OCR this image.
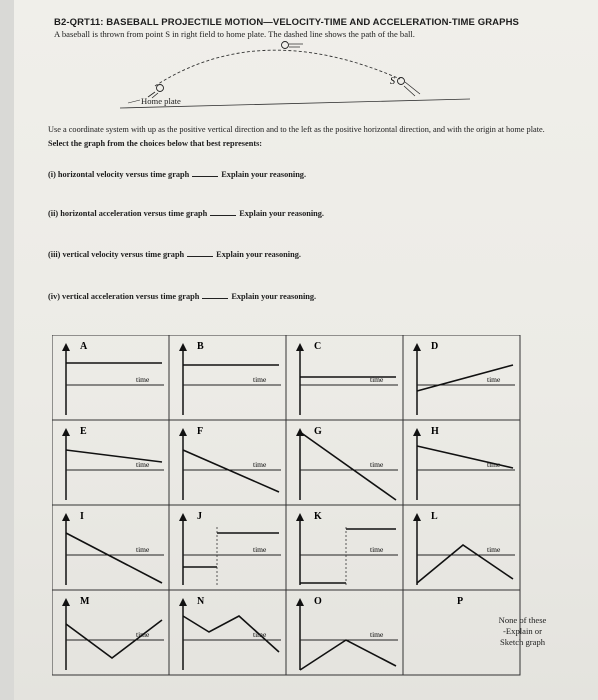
B2-QRT11: BASEBALL PROJECTILE MOTION—VELOCITY-TIME AND ACCELERATION-TIME GRAPHS
A baseball is thrown from point S in right field to home plate. The dashed line shows the path of the ball.
S
Home plate
Use a coordinate system with up as the positive vertical direction and to the left as the positive horizontal direction, and with the origin at home plate.
Select the graph from the choices below that best represents:
(i) horizontal velocity versus time graph	Explain your reasoning.
(ii) horizontal acceleration versus time graph	Explain your reasoning.
(iii) vertical velocity versus time graph	Explain your reasoning.
(iv) vertical acceleration versus time graph	Explain your reasoning.
A
time
B
time
C
time
D
time
E
time
F
time
G
time
H
time
I
time
J
time
K
time
L
time
M
time
N
time
O
time
P
None of these
-Explain or
Sketch graph
